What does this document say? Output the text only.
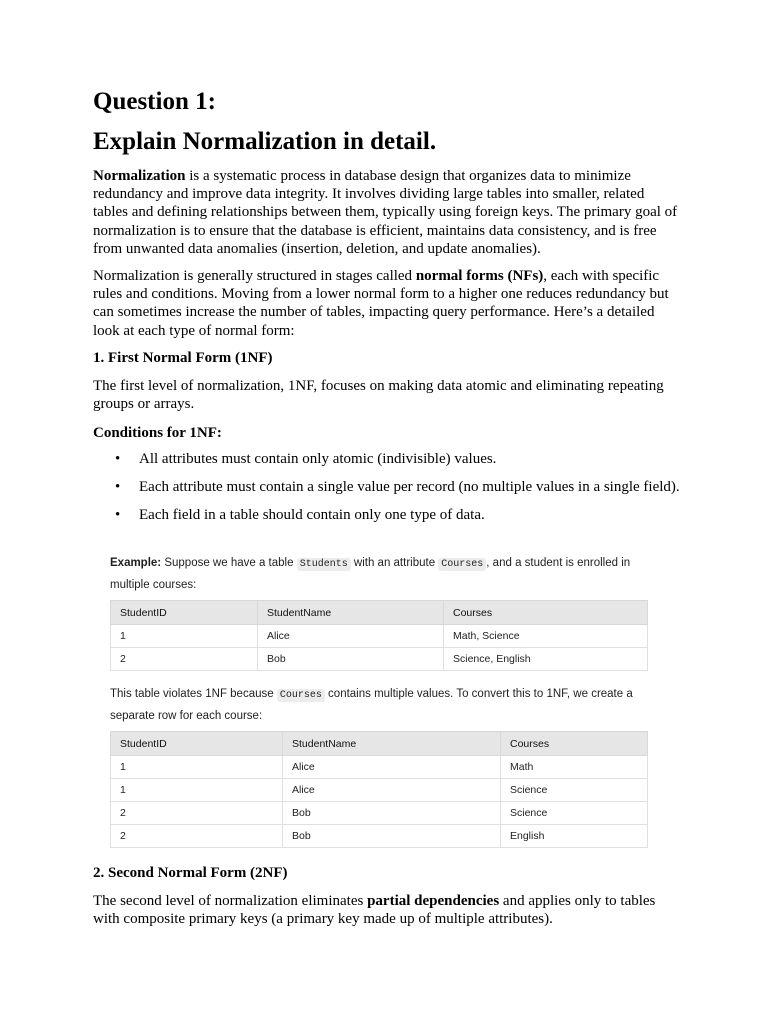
Question 1:
Explain Normalization in detail.

Normalization is a systematic process in database design that organizes data to minimize redundancy and improve data integrity. It involves dividing large tables into smaller, related tables and defining relationships between them, typically using foreign keys. The primary goal of normalization is to ensure that the database is efficient, maintains data consistency, and is free from unwanted data anomalies (insertion, deletion, and update anomalies).

Normalization is generally structured in stages called normal forms (NFs), each with specific rules and conditions. Moving from a lower normal form to a higher one reduces redundancy but can sometimes increase the number of tables, impacting query performance. Here’s a detailed look at each type of normal form:

1. First Normal Form (1NF)

The first level of normalization, 1NF, focuses on making data atomic and eliminating repeating groups or arrays.

Conditions for 1NF:
• All attributes must contain only atomic (indivisible) values.
• Each attribute must contain a single value per record (no multiple values in a single field).
• Each field in a table should contain only one type of data.

Example: Suppose we have a table Students with an attribute Courses , and a student is enrolled in multiple courses:

StudentID	StudentName	Courses
1	Alice	Math, Science
2	Bob	Science, English

This table violates 1NF because Courses contains multiple values. To convert this to 1NF, we create a separate row for each course:

StudentID	StudentName	Courses
1	Alice	Math
1	Alice	Science
2	Bob	Science
2	Bob	English
2. Second Normal Form (2NF)

The second level of normalization eliminates partial dependencies and applies only to tables with composite primary keys (a primary key made up of multiple attributes).
